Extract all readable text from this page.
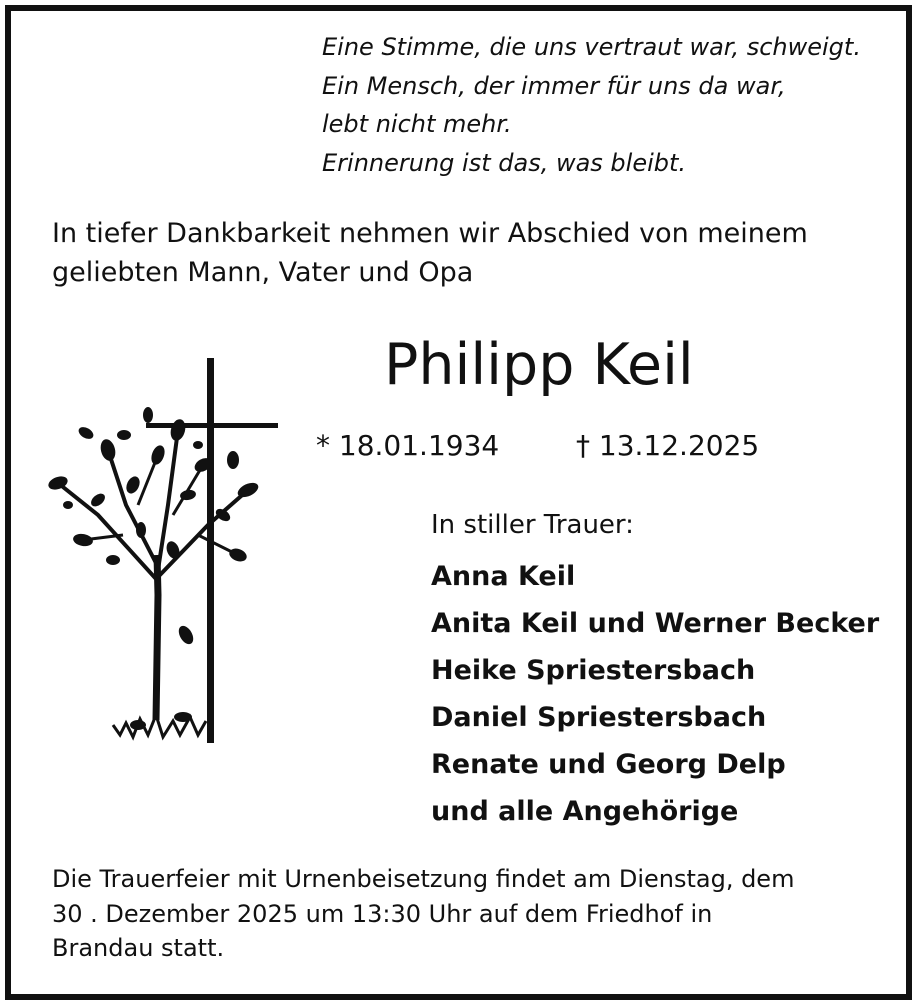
Eine Stimme, die uns vertraut war, schweigt.
Ein Mensch, der immer für uns da war,
lebt nicht mehr.
Erinnerung ist das, was bleibt.
In tiefer Dankbarkeit nehmen wir Abschied von meinem
geliebten Mann, Vater und Opa
Philipp Keil
* 18.01.1934	† 13.12.2025
In stiller Trauer:
Anna Keil
Anita Keil und Werner Becker
Heike Spriestersbach
Daniel Spriestersbach
Renate und Georg Delp
und alle Angehörige
Die Trauerfeier mit Urnenbeisetzung findet am Dienstag, dem
30 . Dezember 2025 um 13:30 Uhr auf dem Friedhof in
Brandau statt.
